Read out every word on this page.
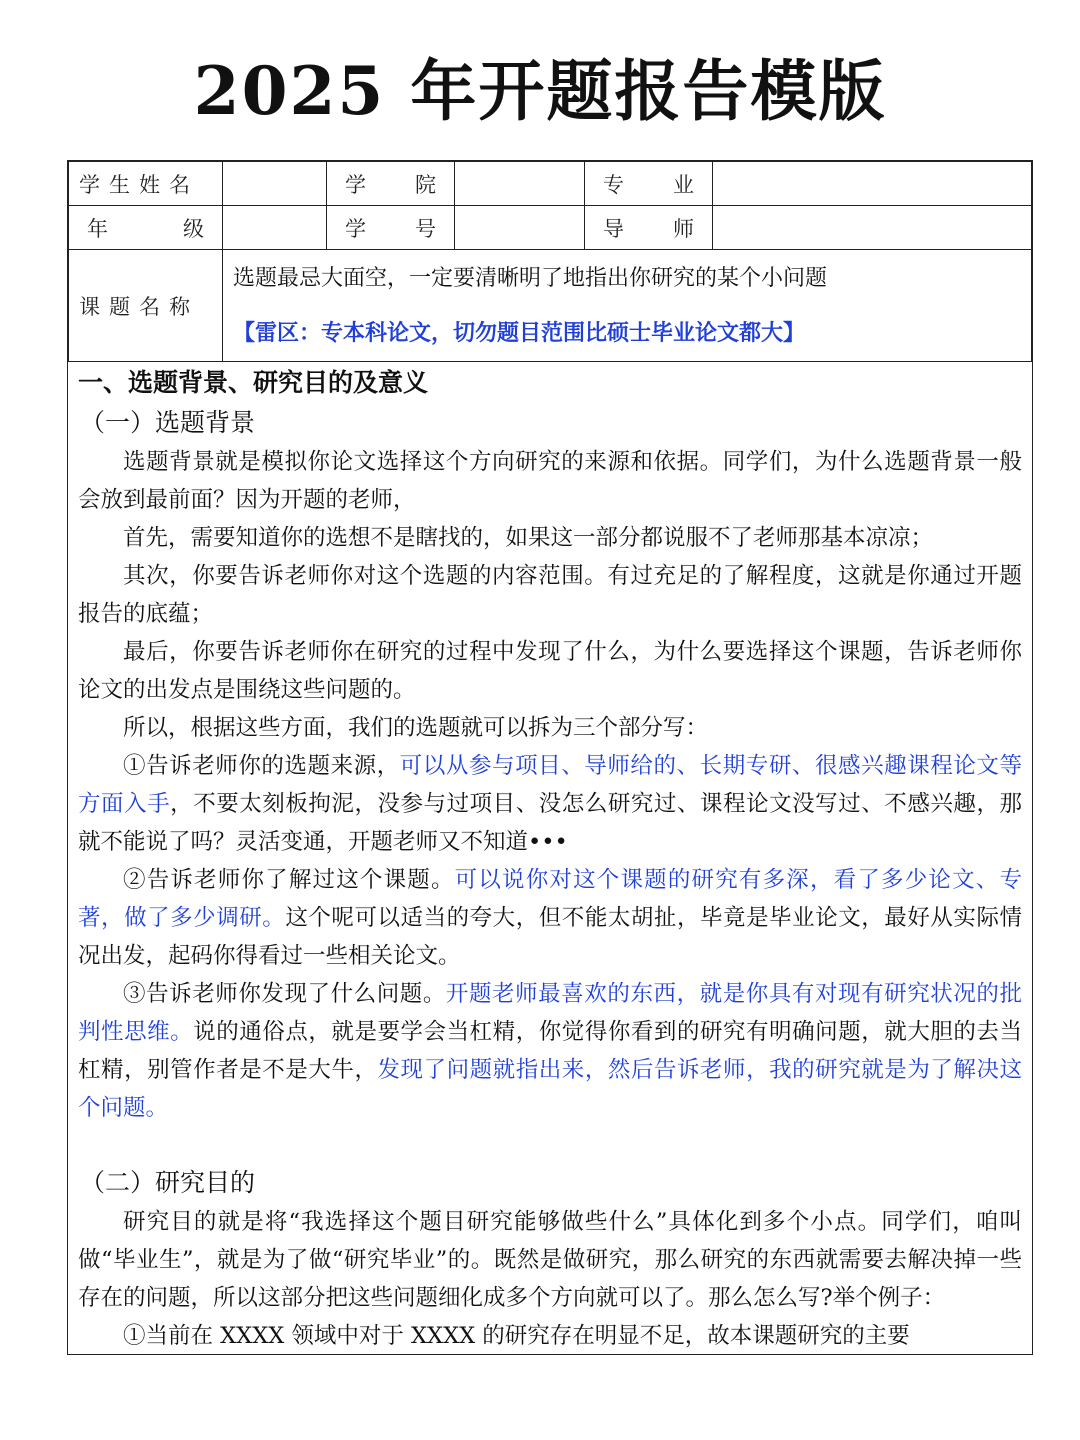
2025 年开题报告模版
学生姓名		学 院		专 业	

年 级		学 号		导 师	

课题名称	选题最忌大面空，一定要清晰明了地指出你研究的某个小问题
【雷区：专本科论文，切勿题目范围比硕士毕业论文都大】				
一、选题背景、研究目的及意义
（一）选题背景

选题背景就是模拟你论文选择这个方向研究的来源和依据。同学们，为什么选题背景一般会放到最前面？因为开题的老师，

首先，需要知道你的选想不是瞎找的，如果这一部分都说服不了老师那基本凉凉；

其次，你要告诉老师你对这个选题的内容范围。有过充足的了解程度，这就是你通过开题报告的底蕴；

最后，你要告诉老师你在研究的过程中发现了什么，为什么要选择这个课题，告诉老师你论文的出发点是围绕这些问题的。

所以，根据这些方面，我们的选题就可以拆为三个部分写：

①告诉老师你的选题来源，可以从参与项目、导师给的、长期专研、很感兴趣课程论文等方面入手，不要太刻板拘泥，没参与过项目、没怎么研究过、课程论文没写过、不感兴趣，那就不能说了吗？灵活变通，开题老师又不知道•••

②告诉老师你了解过这个课题。可以说你对这个课题的研究有多深，看了多少论文、专著，做了多少调研。这个呢可以适当的夸大，但不能太胡扯，毕竟是毕业论文，最好从实际情况出发，起码你得看过一些相关论文。

③告诉老师你发现了什么问题。开题老师最喜欢的东西，就是你具有对现有研究状况的批判性思维。说的通俗点，就是要学会当杠精，你觉得你看到的研究有明确问题，就大胆的去当杠精，别管作者是不是大牛，发现了问题就指出来，然后告诉老师，我的研究就是为了解决这个问题。

（二）研究目的

研究目的就是将“我选择这个题目研究能够做些什么”具体化到多个小点。同学们，咱叫做“毕业生”，就是为了做“研究毕业”的。既然是做研究，那么研究的东西就需要去解决掉一些存在的问题，所以这部分把这些问题细化成多个方向就可以了。那么怎么写?举个例子：

①当前在 XXXX 领域中对于 XXXX 的研究存在明显不足，故本课题研究的主要
